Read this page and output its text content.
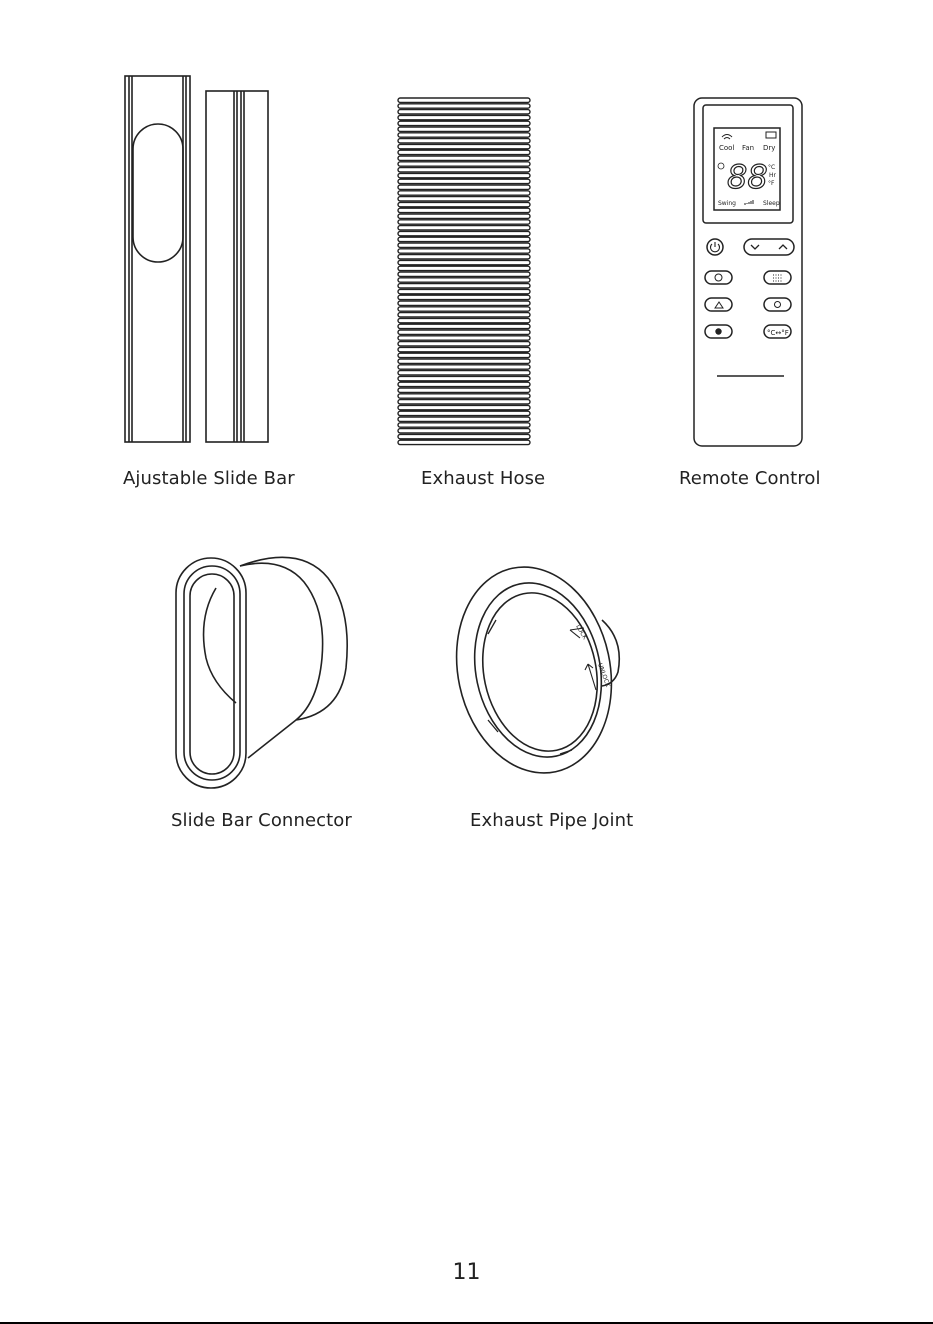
Cool Fan Dry
88 °C
Hr
°F
Swing	Sleep
°C↔°F
LOCK
UNLOCK
Ajustable Slide Bar	Exhaust Hose	Remote Control
Slide Bar Connector	Exhaust Pipe Joint
11
